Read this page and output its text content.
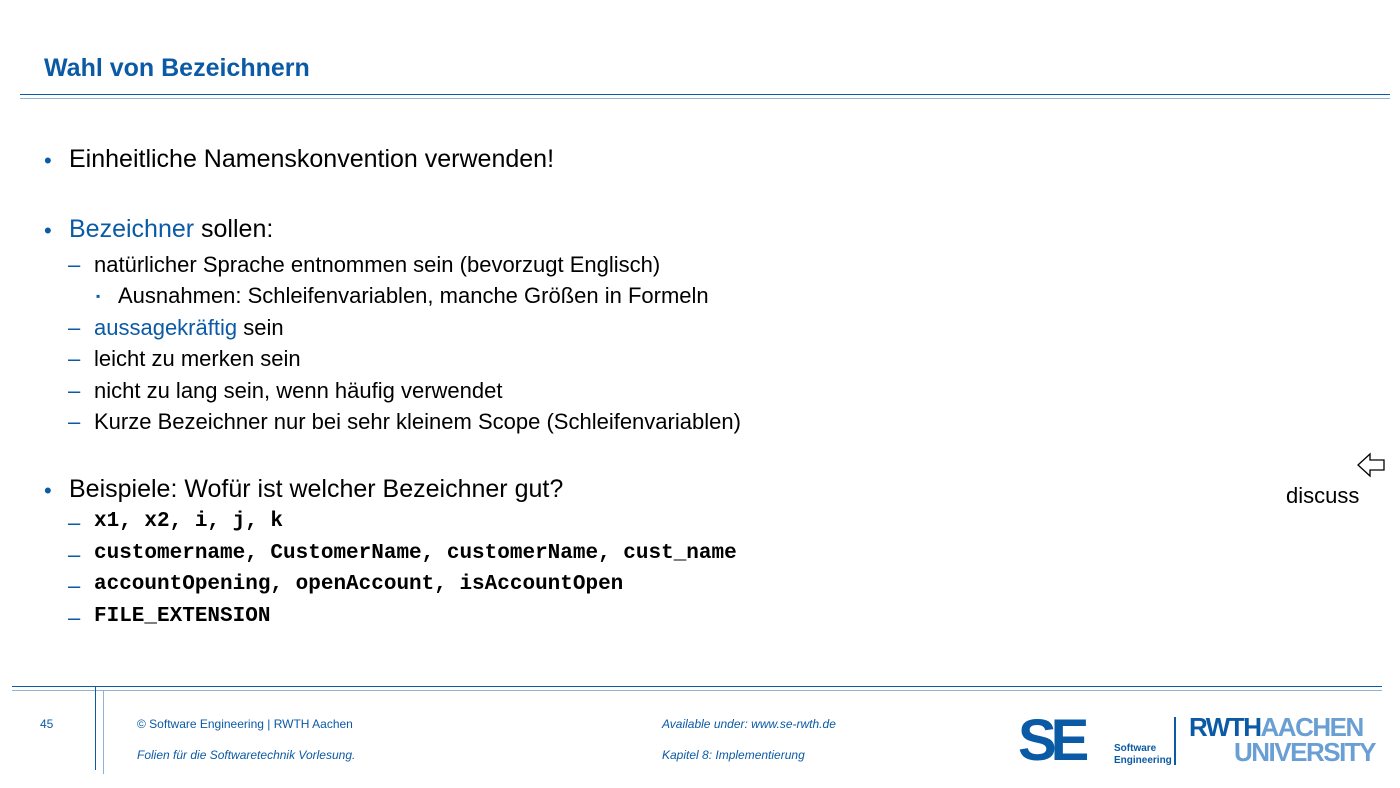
Wahl von Bezeichnern
• Einheitliche Namenskonvention verwenden!
• Bezeichner sollen:
– natürlicher Sprache entnommen sein (bevorzugt Englisch)
▪ Ausnahmen: Schleifenvariablen, manche Größen in Formeln
– aussagekräftig sein
– leicht zu merken sein
– nicht zu lang sein, wenn häufig verwendet
– Kurze Bezeichner nur bei sehr kleinem Scope (Schleifenvariablen)
• Beispiele: Wofür ist welcher Bezeichner gut?
– x1, x2, i, j, k
– customername, CustomerName, customerName, cust_name
– accountOpening, openAccount, isAccountOpen
– FILE_EXTENSION
discuss
45	© Software Engineering | RWTH Aachen
Folien für die Softwaretechnik Vorlesung.
Available under: www.se-rwth.de
Kapitel 8: Implementierung	SE	Software
Engineering
RWTHAACHEN
UNIVERSITY
